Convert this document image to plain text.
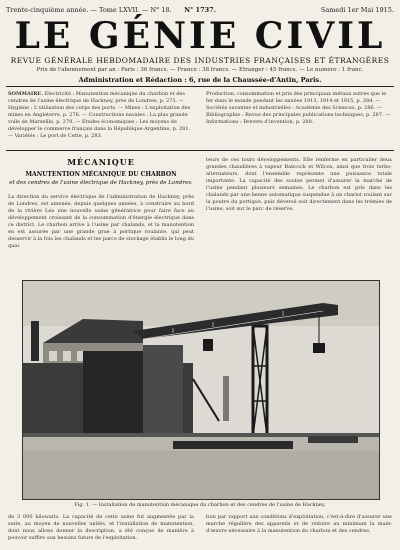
Trente-cinquième année. — Tome LXVII. — N° 18.	N° 1737.	Samedi 1er Mai 1915.
LE GÉNIE CIVIL
REVUE GÉNÉRALE HEBDOMADAIRE DES INDUSTRIES FRANÇAISES ET ÉTRANGÈRES
Prix de l'abonnement par an : Paris : 36 francs. — France : 38 francs. — Étranger : 45 francs. — Le numéro : 1 franc.
Administration et Rédaction : 6, rue de la Chaussée-d'Antin, Paris.
SOMMAIRE. Électricité : Manutention mécanique du charbon et des cendres de l'usine électrique de Hackney, près de Londres, p. 273. — Hygiène : L'utilisation des corps des ports. — Mines : L'exploitation des mines en Angleterre, p. 276. — Constructions navales : La plus grande voile de Marseille, p. 279. — Études économiques : Les moyens de développer le commerce français dans la République Argentine, p. 281. — Variétés : Le port de Cette, p. 283.
Production, consommation et prix des principaux métaux autres que le fer dans le monde pendant les années 1913, 1914 et 1915, p. 284. — Sociétés savantes et industrielles : Académie des Sciences, p. 286. — Bibliographie : Revue des principales publications techniques, p. 287. — Informations : Brevets d'invention, p. 288.
MÉCANIQUE
MANUTENTION MÉCANIQUE DU CHARBON
et des cendres de l'usine électrique de Hackney, près de Londres.
La direction du service électrique de l'administration de Hackney, près de Londres, est amenée, depuis quelques années, à construire au bord de la rivière Lea une nouvelle usine génératrice pour faire face au développement croissant de la consommation d'énergie électrique dans ce district. Le charbon arrive à l'usine par chalands, et la manutention en est assurée par une grande grue à portique roulante, qui peut desservir à la fois les chalands et les parcs de stockage établis le long du quai.
teurs de ces tours développements. Elle renferme en particulier deux grandes chaudières à vapeur Babcock et Wilcox, ainsi que trois turbo-alternateurs, dont l'ensemble représente une puissance totale importante. La capacité des soutes permet d'assurer la marche de l'usine pendant plusieurs semaines. Le charbon est pris dans les chalands par une benne automatique suspendue à un chariot roulant sur la poutre du portique, puis déversé soit directement dans les trémies de l'usine, soit sur le parc de réserve.
Fig. 1. — Installation de manutention mécanique du charbon et des cendres de l'usine de Hackney.
de 3 000 kilowatts. La capacité de cette usine fut augmentée par la suite, au moyen de nouvelles unités, et l'installation de manutention, dont nous allons donner la description, a été conçue de manière à pouvoir suffire aux besoins futurs de l'exploitation.
tion par rapport aux conditions d'exploitation, c'est-à-dire d'assurer une marche régulière des appareils et de réduire au minimum la main-d'œuvre nécessaire à la manutention du charbon et des cendres.
